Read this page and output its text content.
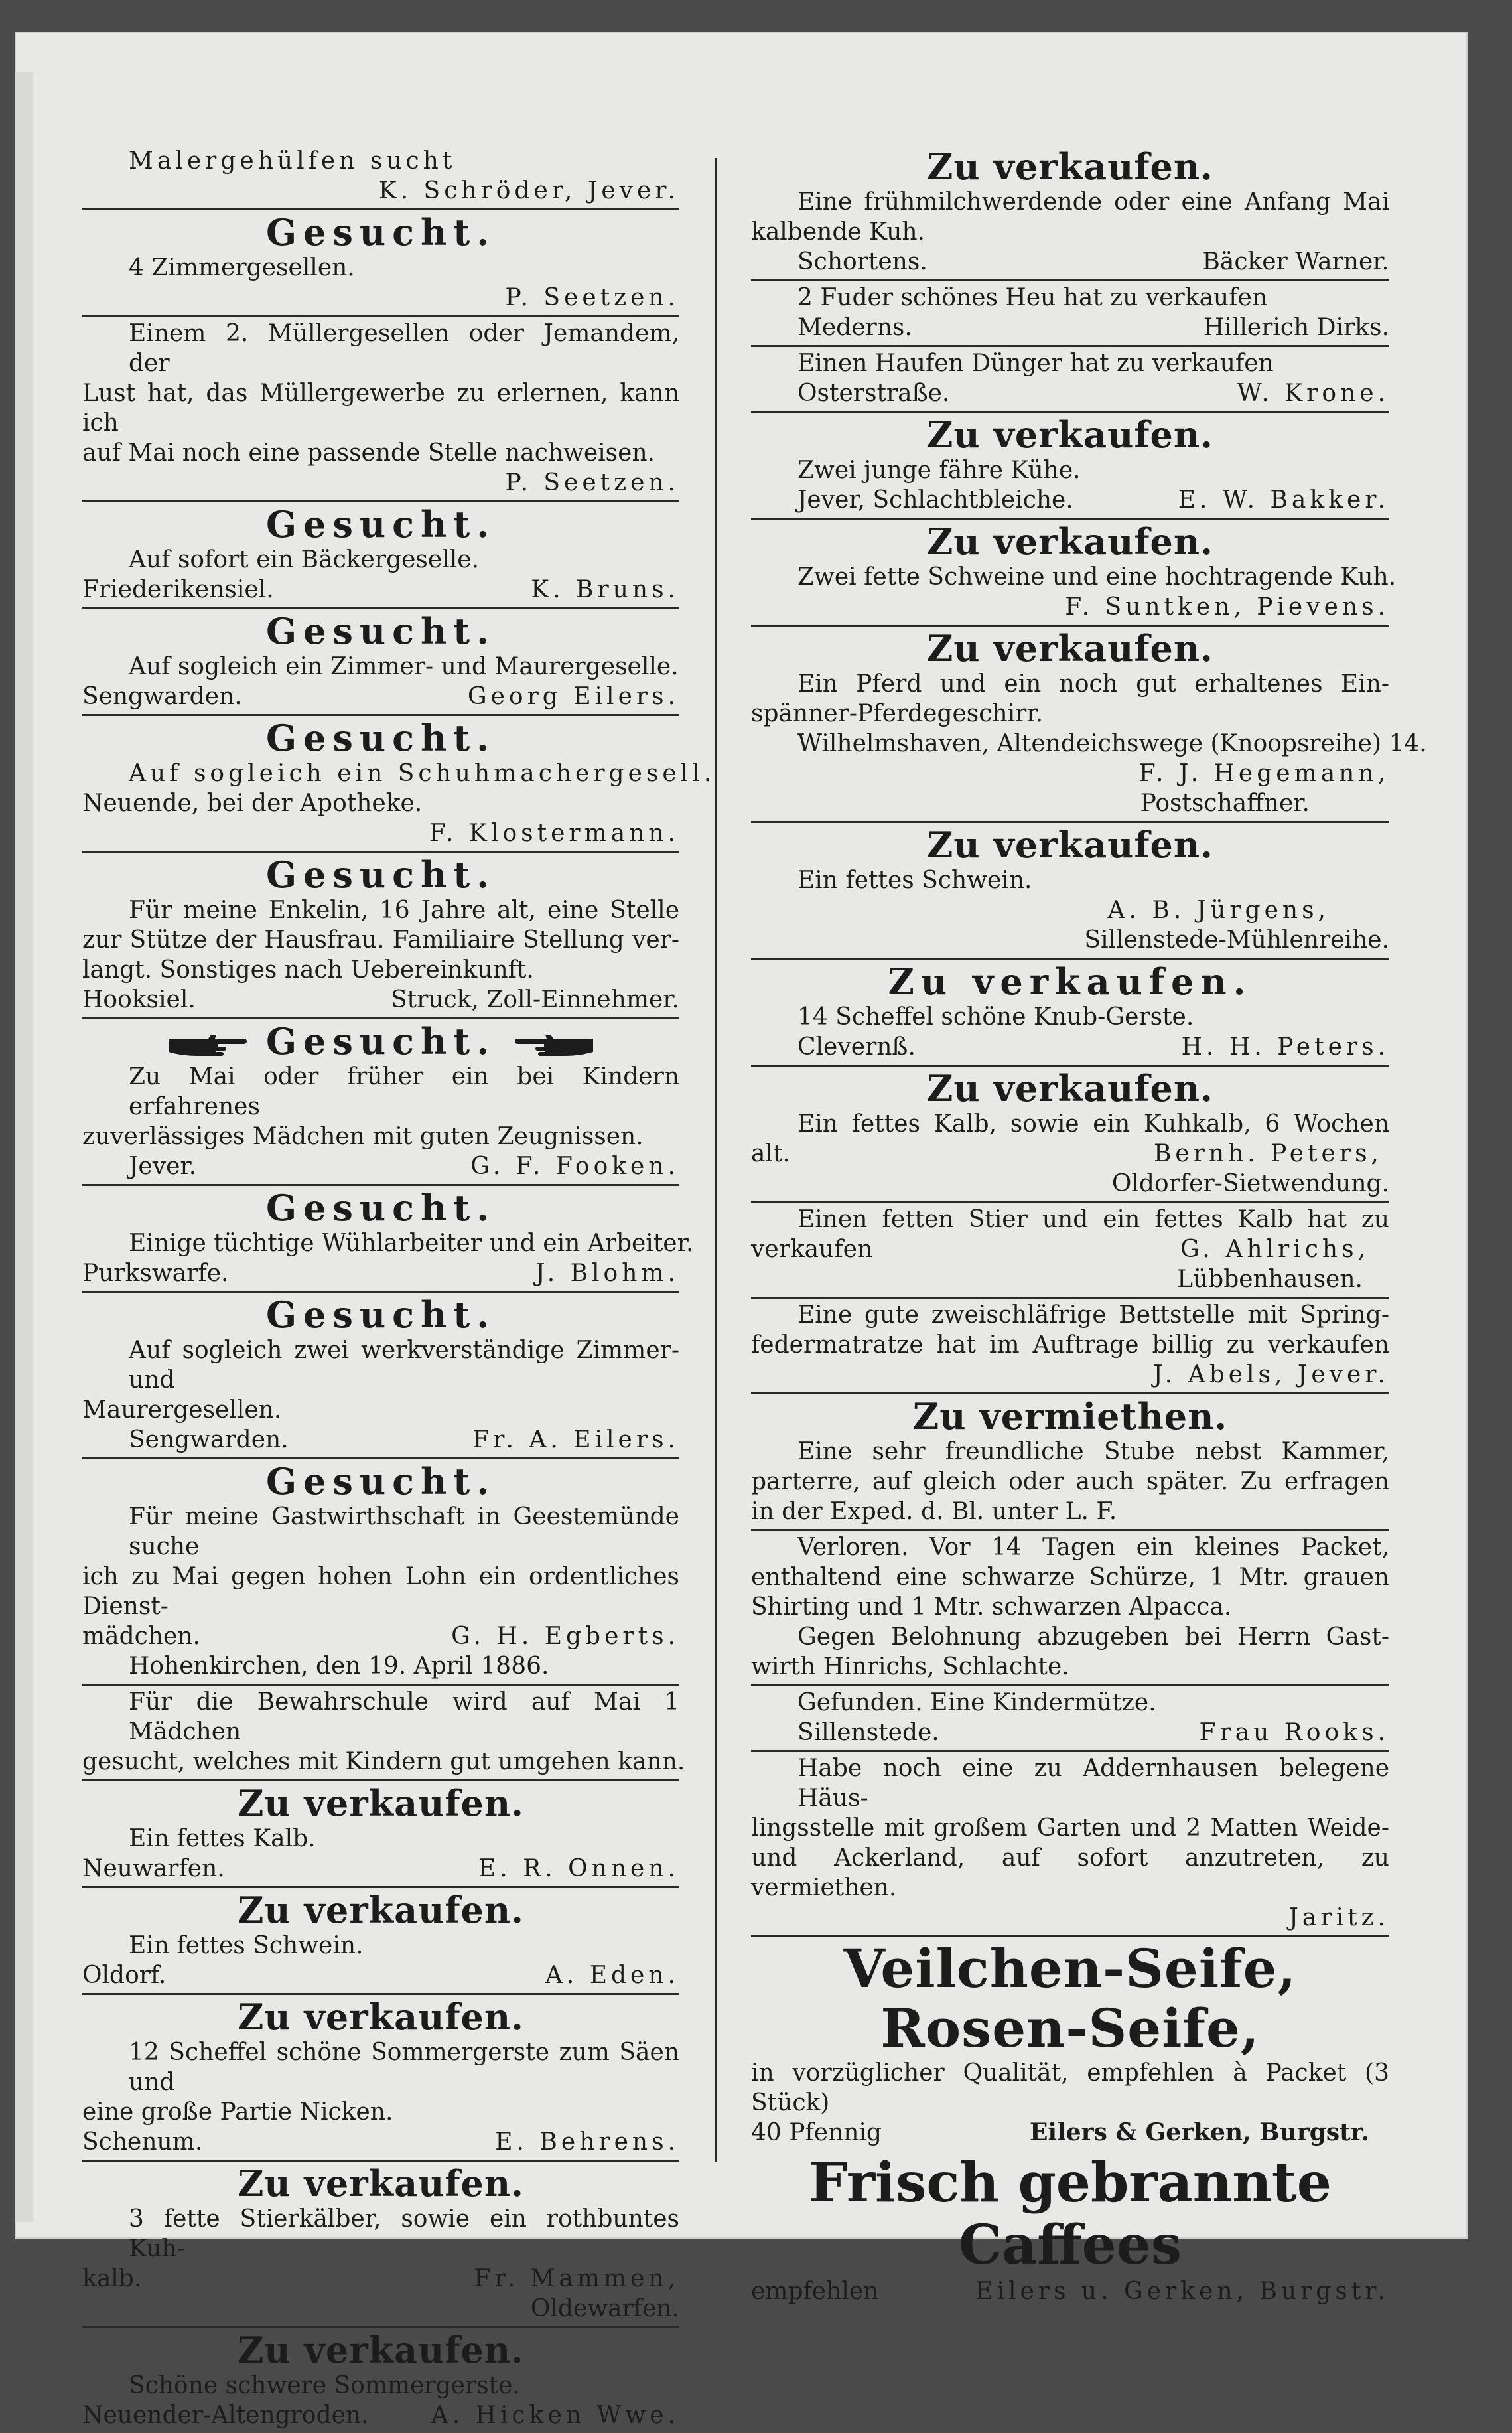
Malergehülfen sucht
K. Schröder, Jever.
Gesucht.
4 Zimmergesellen.
P. Seetzen.
Einem 2. Müllergesellen oder Jemandem, der
Lust hat, das Müllergewerbe zu erlernen, kann ich
auf Mai noch eine passende Stelle nachweisen.
P. Seetzen.
Gesucht.
Auf sofort ein Bäckergeselle.
Friederikensiel.	K. Bruns.
Gesucht.
Auf sogleich ein Zimmer- und Maurergeselle.
Sengwarden.	Georg Eilers.
Gesucht.
Auf sogleich ein Schuhmachergesell.
Neuende, bei der Apotheke.
F. Klostermann.
Gesucht.
Für meine Enkelin, 16 Jahre alt, eine Stelle
zur Stütze der Hausfrau. Familiaire Stellung ver-
langt. Sonstiges nach Uebereinkunft.
Hooksiel.	Struck, Zoll-Einnehmer.
Gesucht.
Zu Mai oder früher ein bei Kindern erfahrenes
zuverlässiges Mädchen mit guten Zeugnissen.
Jever.	G. F. Fooken.
Gesucht.
Einige tüchtige Wühlarbeiter und ein Arbeiter.
Purkswarfe.	J. Blohm.
Gesucht.
Auf sogleich zwei werkverständige Zimmer- und
Maurergesellen.
Sengwarden.	Fr. A. Eilers.
Gesucht.
Für meine Gastwirthschaft in Geestemünde suche
ich zu Mai gegen hohen Lohn ein ordentliches Dienst-
mädchen.	G. H. Egberts.
Hohenkirchen, den 19. April 1886.
Für die Bewahrschule wird auf Mai 1 Mädchen
gesucht, welches mit Kindern gut umgehen kann.
Zu verkaufen.
Ein fettes Kalb.
Neuwarfen.	E. R. Onnen.
Zu verkaufen.
Ein fettes Schwein.
Oldorf.	A. Eden.
Zu verkaufen.
12 Scheffel schöne Sommergerste zum Säen und
eine große Partie Nicken.
Schenum.	E. Behrens.
Zu verkaufen.
3 fette Stierkälber, sowie ein rothbuntes Kuh-
kalb.	Fr. Mammen,
Oldewarfen.
Zu verkaufen.
Schöne schwere Sommergerste.
Neuender-Altengroden.	A. Hicken Wwe.
Zu verkaufen.
Eine frühmilchwerdende oder eine Anfang Mai
kalbende Kuh.
Schortens.	Bäcker Warner.
2 Fuder schönes Heu hat zu verkaufen
Mederns.	Hillerich Dirks.
Einen Haufen Dünger hat zu verkaufen
Osterstraße.	W. Krone.
Zu verkaufen.
Zwei junge fähre Kühe.
Jever, Schlachtbleiche.	E. W. Bakker.
Zu verkaufen.
Zwei fette Schweine und eine hochtragende Kuh.
F. Suntken, Pievens.
Zu verkaufen.
Ein Pferd und ein noch gut erhaltenes Ein-
spänner-Pferdegeschirr.
Wilhelmshaven, Altendeichswege (Knoopsreihe) 14.
F. J. Hegemann,
Postschaffner.
Zu verkaufen.
Ein fettes Schwein.
A. B. Jürgens,
Sillenstede-Mühlenreihe.
Zu verkaufen.
14 Scheffel schöne Knub-Gerste.
Clevernß.	H. H. Peters.
Zu verkaufen.
Ein fettes Kalb, sowie ein Kuhkalb, 6 Wochen
alt.	Bernh. Peters,
Oldorfer-Sietwendung.
Einen fetten Stier und ein fettes Kalb hat zu
verkaufen	G. Ahlrichs,
Lübbenhausen.
Eine gute zweischläfrige Bettstelle mit Spring-
federmatratze hat im Auftrage billig zu verkaufen
J. Abels, Jever.
Zu vermiethen.
Eine sehr freundliche Stube nebst Kammer,
parterre, auf gleich oder auch später. Zu erfragen
in der Exped. d. Bl. unter L. F.
Verloren. Vor 14 Tagen ein kleines Packet,
enthaltend eine schwarze Schürze, 1 Mtr. grauen
Shirting und 1 Mtr. schwarzen Alpacca.
Gegen Belohnung abzugeben bei Herrn Gast-
wirth Hinrichs, Schlachte.
Gefunden. Eine Kindermütze.
Sillenstede.	Frau Rooks.
Habe noch eine zu Addernhausen belegene Häus-
lingsstelle mit großem Garten und 2 Matten Weide-
und Ackerland, auf sofort anzutreten, zu vermiethen.
Jaritz.
Veilchen-Seife,
Rosen-Seife,
in vorzüglicher Qualität, empfehlen à Packet (3 Stück)
40 Pfennig	Eilers & Gerken, Burgstr.
Frisch gebrannte Caffees
empfehlen	Eilers u. Gerken, Burgstr.
